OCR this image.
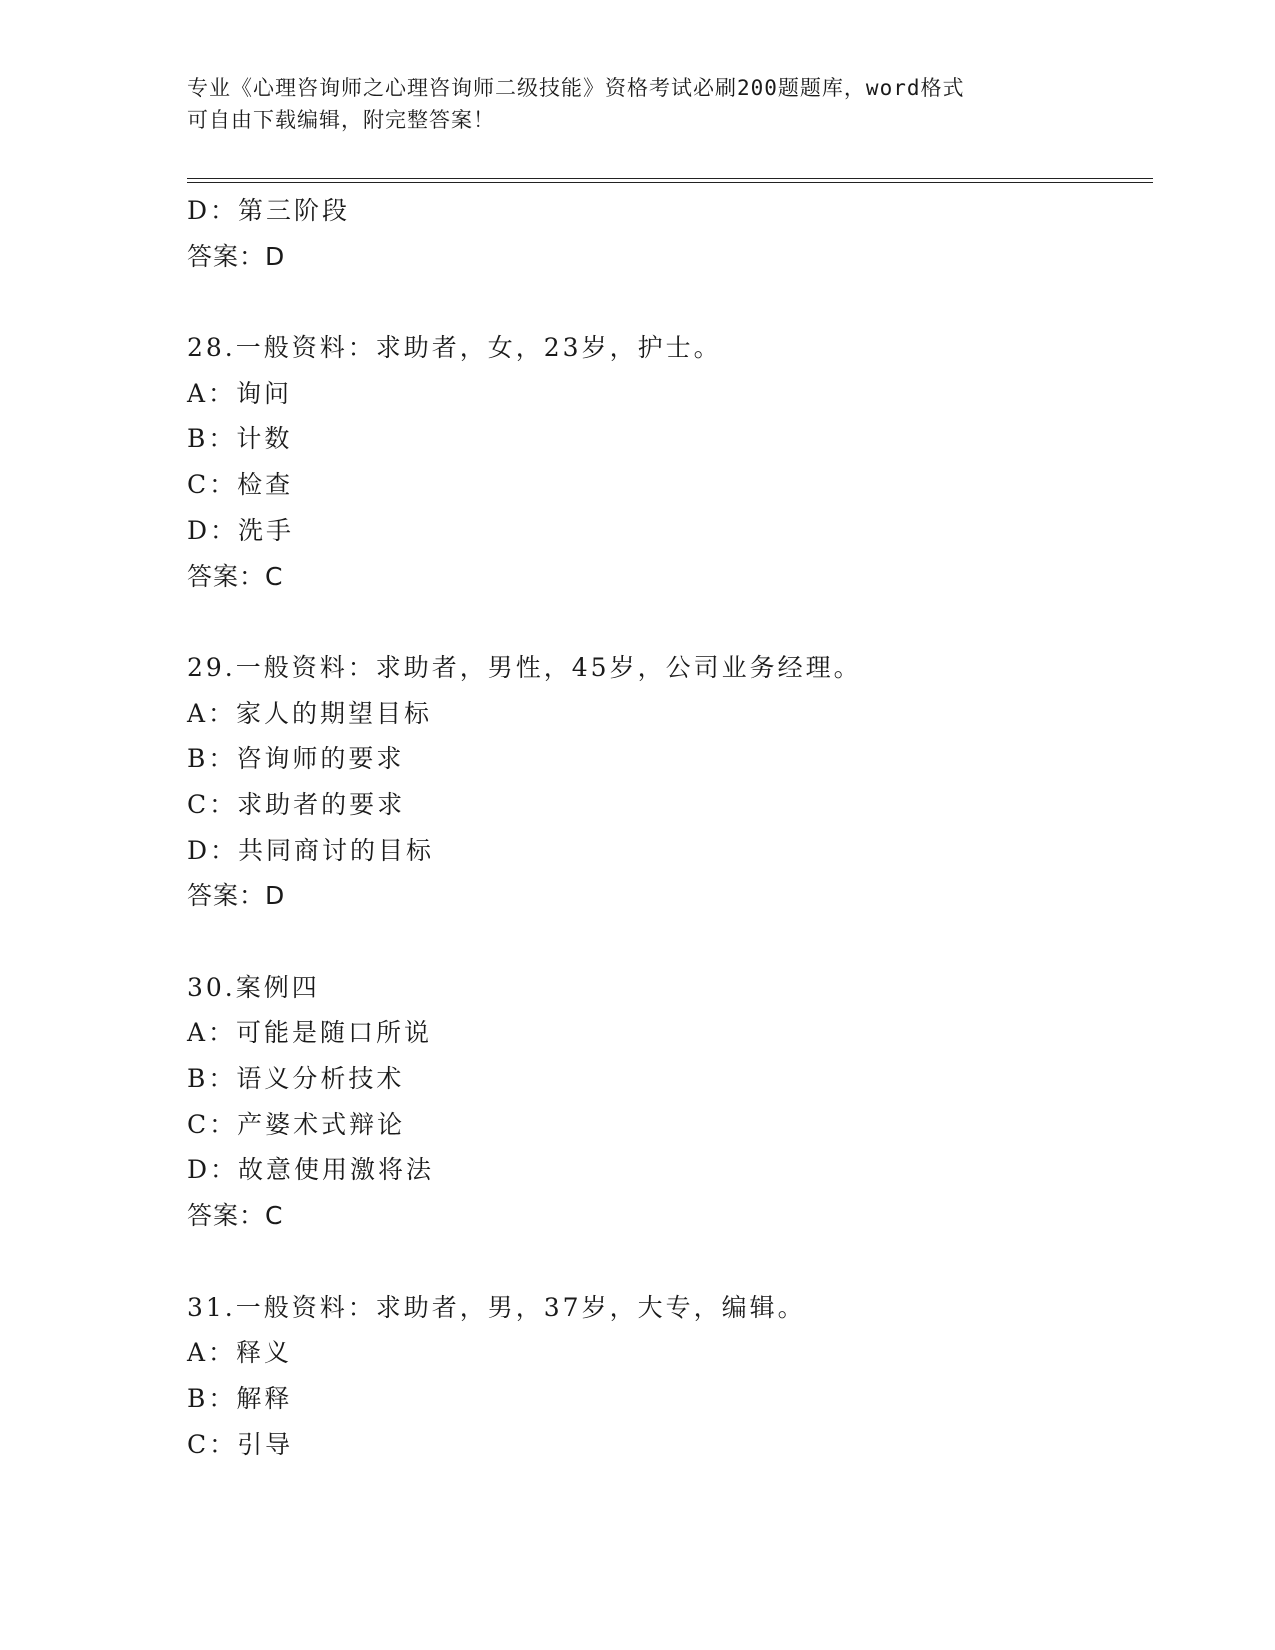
专业《心理咨询师之心理咨询师二级技能》资格考试必刷200题题库，word格式
可自由下载编辑，附完整答案！
D：第三阶段
答案：D
28.一般资料：求助者，女，23岁，护士。
A：询问
B：计数
C：检查
D：洗手
答案：C
29.一般资料：求助者，男性，45岁，公司业务经理。
A：家人的期望目标
B：咨询师的要求
C：求助者的要求
D：共同商讨的目标
答案：D
30.案例四
A：可能是随口所说
B：语义分析技术
C：产婆术式辩论
D：故意使用激将法
答案：C
31.一般资料：求助者，男，37岁，大专，编辑。
A：释义
B：解释
C：引导
